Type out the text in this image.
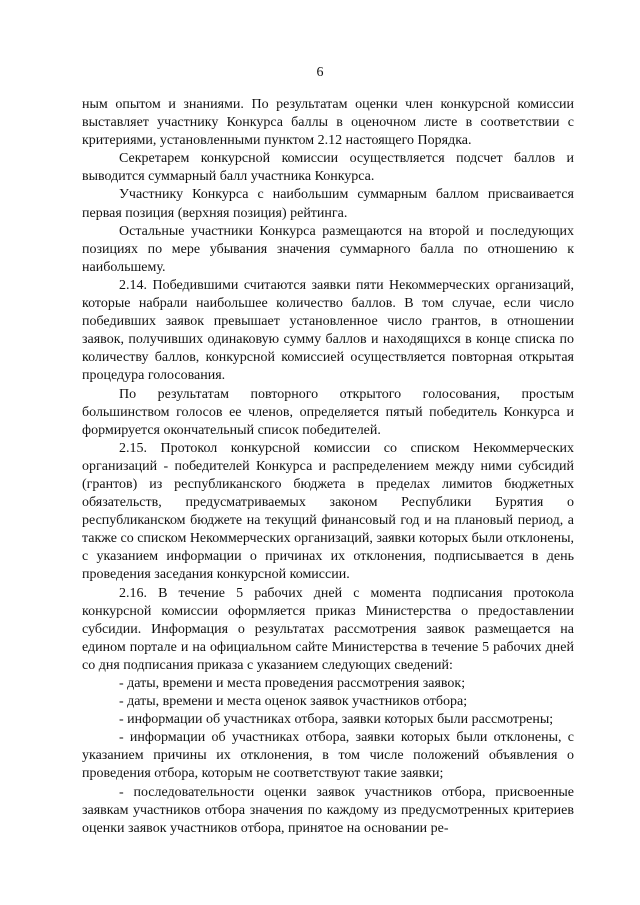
6

ным опытом и знаниями. По результатам оценки член конкурсной комиссии выставляет участнику Конкурса баллы в оценочном листе в соответствии с критериями, установленными пунктом 2.12 настоящего Порядка.

Секретарем конкурсной комиссии осуществляется подсчет баллов и выводится суммарный балл участника Конкурса.

Участнику Конкурса с наибольшим суммарным баллом присваивается первая позиция (верхняя позиция) рейтинга.

Остальные участники Конкурса размещаются на второй и последующих позициях по мере убывания значения суммарного балла по отношению к наибольшему.

2.14. Победившими считаются заявки пяти Некоммерческих организаций, которые набрали наибольшее количество баллов. В том случае, если число победивших заявок превышает установленное число грантов, в отношении заявок, получивших одинаковую сумму баллов и находящихся в конце списка по количеству баллов, конкурсной комиссией осуществляется повторная открытая процедура голосования.

По результатам повторного открытого голосования, простым большинством голосов ее членов, определяется пятый победитель Конкурса и формируется окончательный список победителей.

2.15. Протокол конкурсной комиссии со списком Некоммерческих организаций - победителей Конкурса и распределением между ними субсидий (грантов) из республиканского бюджета в пределах лимитов бюджетных обязательств, предусматриваемых законом Республики Бурятия о республиканском бюджете на текущий финансовый год и на плановый период, а также со списком Некоммерческих организаций, заявки которых были отклонены, с указанием информации о причинах их отклонения, подписывается в день проведения заседания конкурсной комиссии.

2.16. В течение 5 рабочих дней с момента подписания протокола конкурсной комиссии оформляется приказ Министерства о предоставлении субсидии. Информация о результатах рассмотрения заявок размещается на едином портале и на официальном сайте Министерства в течение 5 рабочих дней со дня подписания приказа с указанием следующих сведений:

- даты, времени и места проведения рассмотрения заявок;

- даты, времени и места оценок заявок участников отбора;

- информации об участниках отбора, заявки которых были рассмотрены;

- информации об участниках отбора, заявки которых были отклонены, с указанием причины их отклонения, в том числе положений объявления о проведения отбора, которым не соответствуют такие заявки;

- последовательности оценки заявок участников отбора, присвоенные заявкам участников отбора значения по каждому из предусмотренных критериев оценки заявок участников отбора, принятое на основании ре-
